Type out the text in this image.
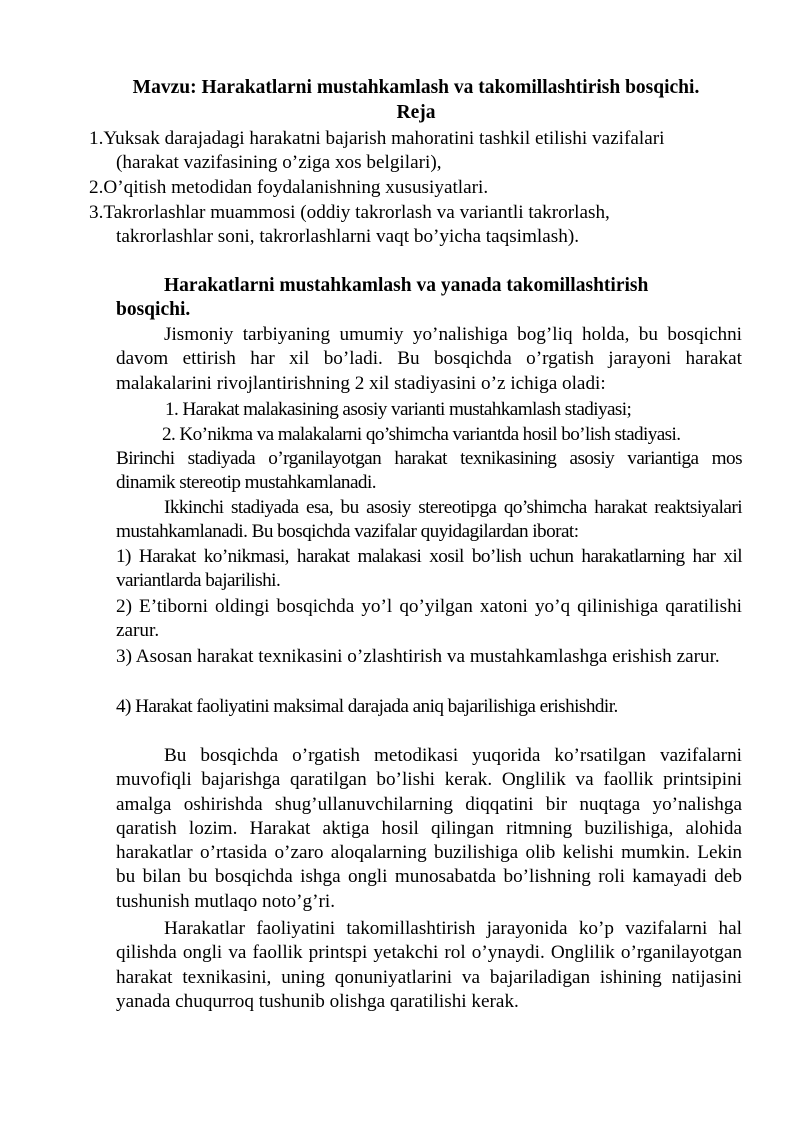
Mavzu: Harakatlarni mustahkamlash va takomillashtirish bosqichi.
Reja
1.Yuksak darajadagi harakatni bajarish mahoratini tashkil etilishi vazifalari
(harakat vazifasining o’ziga xos belgilari),
2.O’qitish metodidan foydalanishning xususiyatlari.
3.Takrorlashlar muammosi (oddiy takrorlash va variantli takrorlash,
takrorlashlar soni, takrorlashlarni vaqt bo’yicha taqsimlash).
Harakatlarni mustahkamlash va yanada takomillashtirish
bosqichi.
Jismoniy tarbiyaning umumiy yo’nalishiga bog’liq holda, bu bosqichni davom ettirish har xil bo’ladi. Bu bosqichda o’rgatish jarayoni harakat malakalarini rivojlantirishning 2 xil stadiyasini o’z ichiga oladi:
1. Harakat malakasining asosiy varianti mustahkamlash stadiyasi;
2. Ko’nikma va malakalarni qo’shimcha variantda hosil bo’lish stadiyasi.
Birinchi stadiyada o’rganilayotgan harakat texnikasining asosiy variantiga mos dinamik stereotip mustahkamlanadi.
Ikkinchi stadiyada esa, bu asosiy stereotipga qo’shimcha harakat reaktsiyalari mustahkamlanadi. Bu bosqichda vazifalar quyidagilardan iborat:
1) Harakat ko’nikmasi, harakat malakasi xosil bo’lish uchun harakatlarning har xil variantlarda bajarilishi.
2) E’tiborni oldingi bosqichda yo’l qo’yilgan xatoni yo’q qilinishiga qaratilishi zarur.
3) Asosan harakat texnikasini o’zlashtirish va mustahkamlashga erishish zarur.
4) Harakat faoliyatini maksimal darajada aniq bajarilishiga erishishdir.
Bu bosqichda o’rgatish metodikasi yuqorida ko’rsatilgan vazifalarni muvofiqli bajarishga qaratilgan bo’lishi kerak. Onglilik va faollik printsipini amalga oshirishda shug’ullanuvchilarning diqqatini bir nuqtaga yo’nalishga qaratish lozim. Harakat aktiga hosil qilingan ritmning buzilishiga, alohida harakatlar o’rtasida o’zaro aloqalarning buzilishiga olib kelishi mumkin. Lekin bu bilan bu bosqichda ishga ongli munosabatda bo’lishning roli kamayadi deb tushunish mutlaqo noto’g’ri.
Harakatlar faoliyatini takomillashtirish jarayonida ko’p vazifalarni hal qilishda ongli va faollik printspi yetakchi rol o’ynaydi. Onglilik o’rganilayotgan harakat texnikasini, uning qonuniyatlarini va bajariladigan ishining natijasini yanada chuqurroq tushunib olishga qaratilishi kerak.
